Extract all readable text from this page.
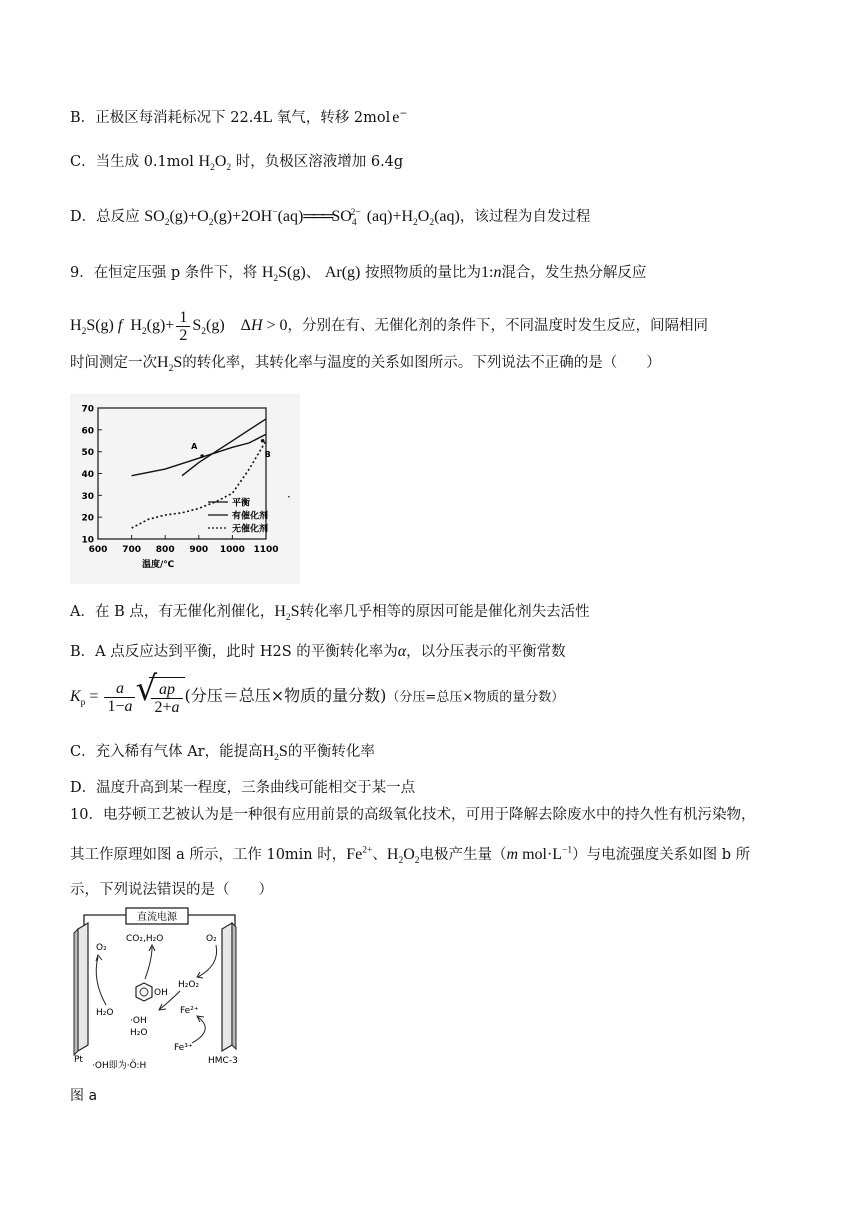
B．正极区每消耗标况下 22.4L 氧气，转移 2mol e−
C．当生成 0.1mol $H_2O_2$ 时，负极区溶液增加 6.4g
D．总反应 $SO_2(g)+O_2(g)+2OH^-(aq)═══SO_4^{2-}$ $(aq)+H_2O_2(aq)$，该过程为自发过程
9．在恒定压强 p 条件下，将 $H_2S(g)$、 Ar(g) 按照物质的量比为1:n混合，发生热分解反应
$H_2S(g)$ f  $H_2(g)+ \frac{1}{2} S_2(g)$    ΔH > 0，分别在有、无催化剂的条件下，不同温度时发生反应，间隔相同
时间测定一次$H_2S$的转化率，其转化率与温度的关系如图所示。下列说法不正确的是（　　）
10
20
30
40
50
60
70
600 700 800 900 1000 1100
温度/℃
A
B
平衡
有催化剂
无催化剂
·
A．在 B 点，有无催化剂催化，$H_2S$转化率几乎相等的原因可能是催化剂失去活性
B．A 点反应达到平衡，此时 H2S 的平衡转化率为α，以分压表示的平衡常数
$K_p = \frac{a}{1-a}$ √ $\frac{ap}{2+a}$ (分压＝总压×物质的量分数)（分压=总压×物质的量分数）
C．充入稀有气体 Ar，能提高$H_2S$的平衡转化率
D．温度升高到某一程度，三条曲线可能相交于某一点
10．电芬顿工艺被认为是一种很有应用前景的高级氧化技术，可用于降解去除废水中的持久性有机污染物，
其工作原理如图 a 所示，工作 10min 时，$Fe^{2+}$、$H_2O_2$电极产生量（m $mol\cdot L^{-1}$）与电流强度关系如图 b 所
示，下列说法错误的是（　　）
直流电源
O₂
O₂
CO₂,H₂O
H₂O
OH
·OH
H₂O
H₂O₂
Fe²⁺
Fe³⁺
·OH即为·Ö:H
Pt	HMC-3
图 a
